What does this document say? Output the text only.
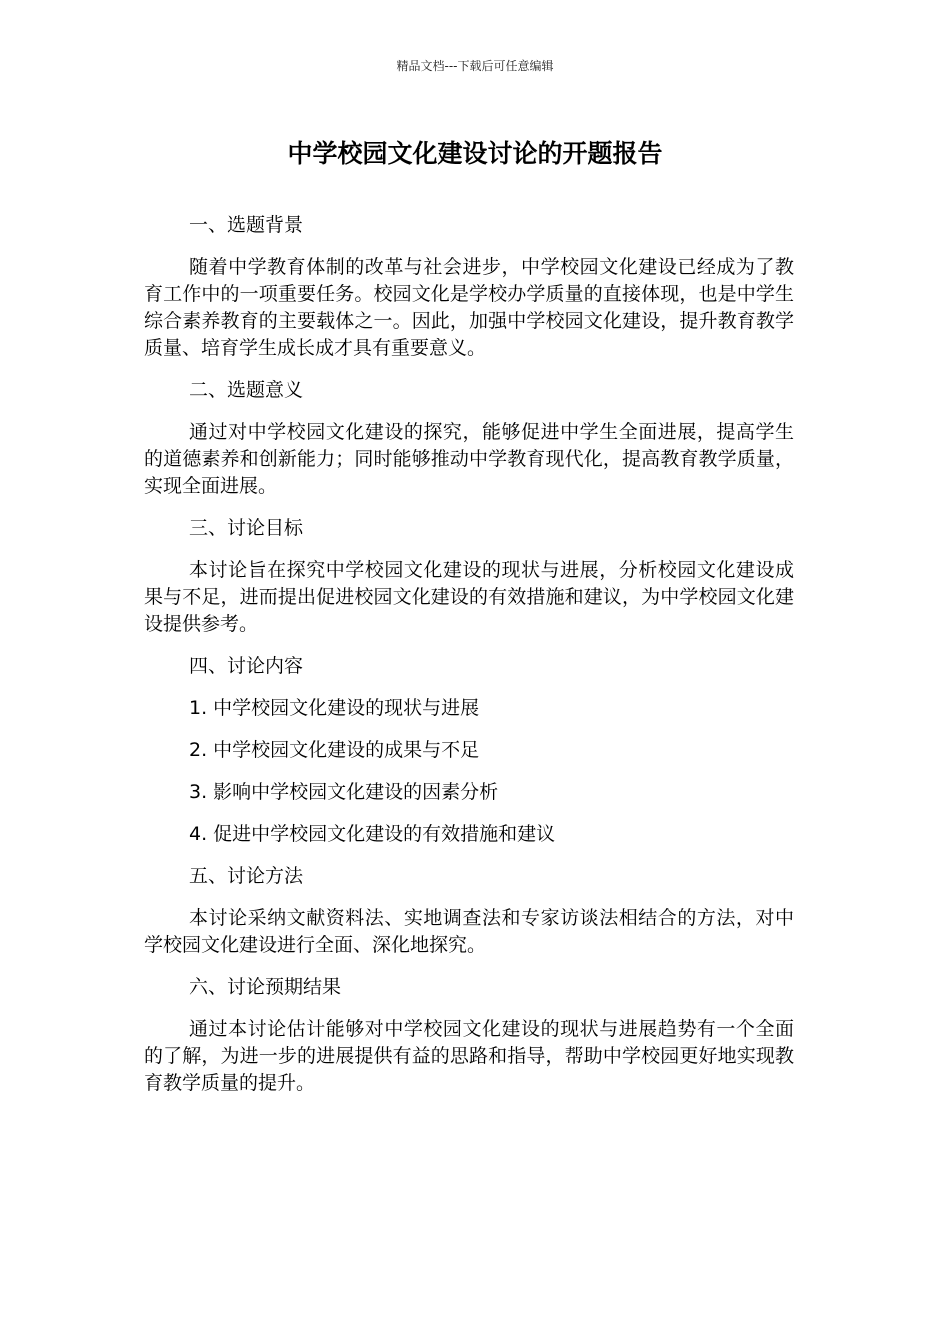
精品文档---下载后可任意编辑
中学校园文化建设讨论的开题报告
一、选题背景
随着中学教育体制的改革与社会进步，中学校园文化建设已经成为了教育工作中的一项重要任务。校园文化是学校办学质量的直接体现，也是中学生综合素养教育的主要载体之一。因此，加强中学校园文化建设，提升教育教学质量、培育学生成长成才具有重要意义。
二、选题意义
通过对中学校园文化建设的探究，能够促进中学生全面进展，提高学生的道德素养和创新能力；同时能够推动中学教育现代化，提高教育教学质量，实现全面进展。
三、讨论目标
本讨论旨在探究中学校园文化建设的现状与进展，分析校园文化建设成果与不足，进而提出促进校园文化建设的有效措施和建议，为中学校园文化建设提供参考。
四、讨论内容
1. 中学校园文化建设的现状与进展
2. 中学校园文化建设的成果与不足
3. 影响中学校园文化建设的因素分析
4. 促进中学校园文化建设的有效措施和建议
五、讨论方法
本讨论采纳文献资料法、实地调查法和专家访谈法相结合的方法，对中学校园文化建设进行全面、深化地探究。
六、讨论预期结果
通过本讨论估计能够对中学校园文化建设的现状与进展趋势有一个全面的了解，为进一步的进展提供有益的思路和指导，帮助中学校园更好地实现教育教学质量的提升。
